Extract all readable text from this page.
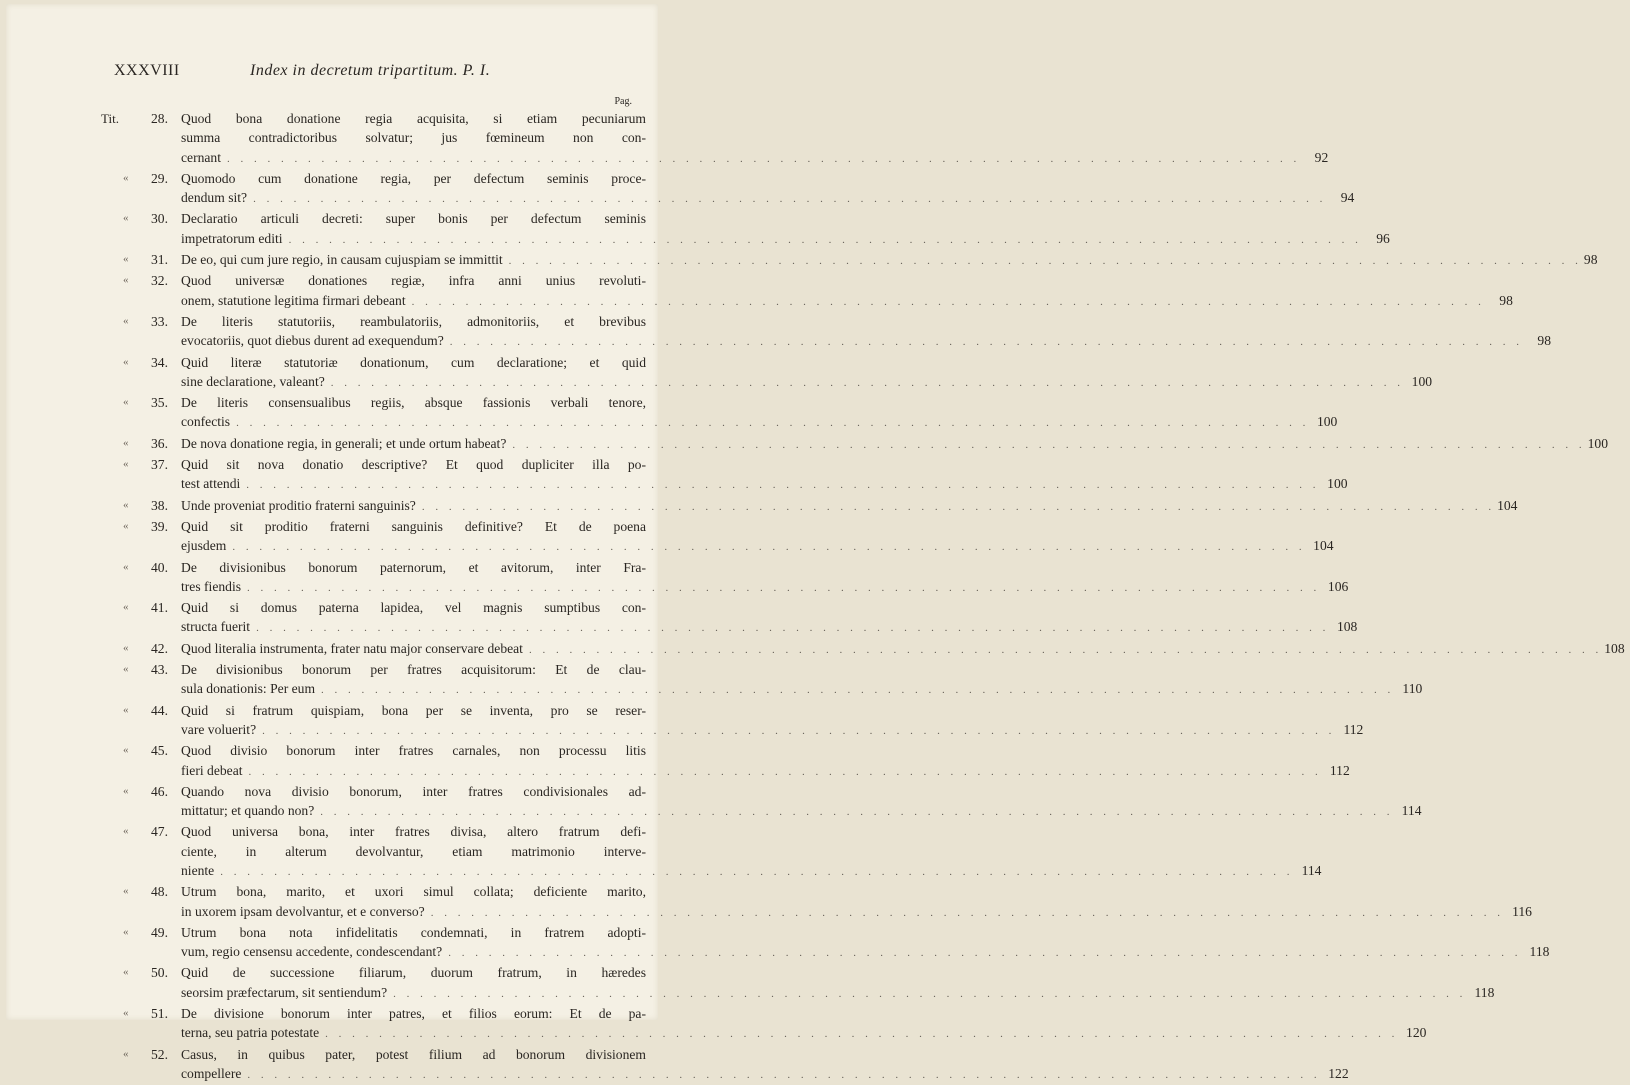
XXXVIII	Index in decretum tripartitum. P. I.
Pag.
Tit.	28. Quod bona donatione regia acquisita, si etiam pecuniarum
summa contradictoribus solvatur; jus fœmineum non con-
cernant . . . . . . . . . . . . . . . . . . . . . . . . . . . . . . . . . . . . . . . . . . . . . . . . . . . . . . . . . . . . . . . . . . . . . . . . . . . . . . . .	92
«	29. Quomodo cum donatione regia, per defectum seminis proce-
dendum sit? . . . . . . . . . . . . . . . . . . . . . . . . . . . . . . . . . . . . . . . . . . . . . . . . . . . . . . . . . . . . . . . . . . . . . . . . . . . . . . . .	94
«	30. Declaratio articuli decreti: super bonis per defectum seminis
impetratorum editi . . . . . . . . . . . . . . . . . . . . . . . . . . . . . . . . . . . . . . . . . . . . . . . . . . . . . . . . . . . . . . . . . . . . . . . . . . . . . . . .	96
«	31. De eo, qui cum jure regio, in causam cujuspiam se immittit . . . . . . . . . . . . . . . . . . . . . . . . . . . . . . . . . . . . . . . . . . . . . . . . . . . . . . . . . . . . . . . . . . . . . . . . . . . . . . . . 98
«	32. Quod universæ donationes regiæ, infra anni unius revoluti-
onem, statutione legitima firmari debeant . . . . . . . . . . . . . . . . . . . . . . . . . . . . . . . . . . . . . . . . . . . . . . . . . . . . . . . . . . . . . . . . . . . . . . . . . . . . . . . .	98
«	33. De literis statutoriis, reambulatoriis, admonitoriis, et brevibus
evocatoriis, quot diebus durent ad exequendum? . . . . . . . . . . . . . . . . . . . . . . . . . . . . . . . . . . . . . . . . . . . . . . . . . . . . . . . . . . . . . . . . . . . . . . . . . . . . . . . .	98
«	34. Quid literæ statutoriæ donationum, cum declaratione; et quid
sine declaratione, valeant? . . . . . . . . . . . . . . . . . . . . . . . . . . . . . . . . . . . . . . . . . . . . . . . . . . . . . . . . . . . . . . . . . . . . . . . . . . . . . . . . 100
«	35. De literis consensualibus regiis, absque fassionis verbali tenore,
confectis . . . . . . . . . . . . . . . . . . . . . . . . . . . . . . . . . . . . . . . . . . . . . . . . . . . . . . . . . . . . . . . . . . . . . . . . . . . . . . . . 100
«	36. De nova donatione regia, in generali; et unde ortum habeat? . . . . . . . . . . . . . . . . . . . . . . . . . . . . . . . . . . . . . . . . . . . . . . . . . . . . . . . . . . . . . . . . . . . . . . . . . . . . . . . . 100
«	37. Quid sit nova donatio descriptive? Et quod dupliciter illa po-
test attendi . . . . . . . . . . . . . . . . . . . . . . . . . . . . . . . . . . . . . . . . . . . . . . . . . . . . . . . . . . . . . . . . . . . . . . . . . . . . . . . . 100
«	38. Unde proveniat proditio fraterni sanguinis? . . . . . . . . . . . . . . . . . . . . . . . . . . . . . . . . . . . . . . . . . . . . . . . . . . . . . . . . . . . . . . . . . . . . . . . . . . . . . . . . 104
«	39. Quid sit proditio fraterni sanguinis definitive? Et de poena
ejusdem . . . . . . . . . . . . . . . . . . . . . . . . . . . . . . . . . . . . . . . . . . . . . . . . . . . . . . . . . . . . . . . . . . . . . . . . . . . . . . . . 104
«	40. De divisionibus bonorum paternorum, et avitorum, inter Fra-
tres fiendis . . . . . . . . . . . . . . . . . . . . . . . . . . . . . . . . . . . . . . . . . . . . . . . . . . . . . . . . . . . . . . . . . . . . . . . . . . . . . . . . 106
«	41. Quid si domus paterna lapidea, vel magnis sumptibus con-
structa fuerit . . . . . . . . . . . . . . . . . . . . . . . . . . . . . . . . . . . . . . . . . . . . . . . . . . . . . . . . . . . . . . . . . . . . . . . . . . . . . . . . 108
«	42. Quod literalia instrumenta, frater natu major conservare debeat . . . . . . . . . . . . . . . . . . . . . . . . . . . . . . . . . . . . . . . . . . . . . . . . . . . . . . . . . . . . . . . . . . . . . . . . . . . . . . . . 108
«	43. De divisionibus bonorum per fratres acquisitorum: Et de clau-
sula donationis: Per eum . . . . . . . . . . . . . . . . . . . . . . . . . . . . . . . . . . . . . . . . . . . . . . . . . . . . . . . . . . . . . . . . . . . . . . . . . . . . . . . . 110
«	44. Quid si fratrum quispiam, bona per se inventa, pro se reser-
vare voluerit? . . . . . . . . . . . . . . . . . . . . . . . . . . . . . . . . . . . . . . . . . . . . . . . . . . . . . . . . . . . . . . . . . . . . . . . . . . . . . . . . 112
«	45. Quod divisio bonorum inter fratres carnales, non processu litis
fieri debeat . . . . . . . . . . . . . . . . . . . . . . . . . . . . . . . . . . . . . . . . . . . . . . . . . . . . . . . . . . . . . . . . . . . . . . . . . . . . . . . . 112
«	46. Quando nova divisio bonorum, inter fratres condivisionales ad-
mittatur; et quando non? . . . . . . . . . . . . . . . . . . . . . . . . . . . . . . . . . . . . . . . . . . . . . . . . . . . . . . . . . . . . . . . . . . . . . . . . . . . . . . . . 114
«	47. Quod universa bona, inter fratres divisa, altero fratrum defi-
ciente, in alterum devolvantur, etiam matrimonio interve-
niente . . . . . . . . . . . . . . . . . . . . . . . . . . . . . . . . . . . . . . . . . . . . . . . . . . . . . . . . . . . . . . . . . . . . . . . . . . . . . . . . 114
«	48. Utrum bona, marito, et uxori simul collata; deficiente marito,
in uxorem ipsam devolvantur, et e converso? . . . . . . . . . . . . . . . . . . . . . . . . . . . . . . . . . . . . . . . . . . . . . . . . . . . . . . . . . . . . . . . . . . . . . . . . . . . . . . . . 116
«	49. Utrum bona nota infidelitatis condemnati, in fratrem adopti-
vum, regio censensu accedente, condescendant? . . . . . . . . . . . . . . . . . . . . . . . . . . . . . . . . . . . . . . . . . . . . . . . . . . . . . . . . . . . . . . . . . . . . . . . . . . . . . . . . 118
«	50. Quid de successione filiarum, duorum fratrum, in hæredes
seorsim præfectarum, sit sentiendum? . . . . . . . . . . . . . . . . . . . . . . . . . . . . . . . . . . . . . . . . . . . . . . . . . . . . . . . . . . . . . . . . . . . . . . . . . . . . . . . . 118
«	51. De divisione bonorum inter patres, et filios eorum: Et de pa-
terna, seu patria potestate . . . . . . . . . . . . . . . . . . . . . . . . . . . . . . . . . . . . . . . . . . . . . . . . . . . . . . . . . . . . . . . . . . . . . . . . . . . . . . . . 120
«	52. Casus, in quibus pater, potest filium ad bonorum divisionem
compellere . . . . . . . . . . . . . . . . . . . . . . . . . . . . . . . . . . . . . . . . . . . . . . . . . . . . . . . . . . . . . . . . . . . . . . . . . . . . . . . . 122
